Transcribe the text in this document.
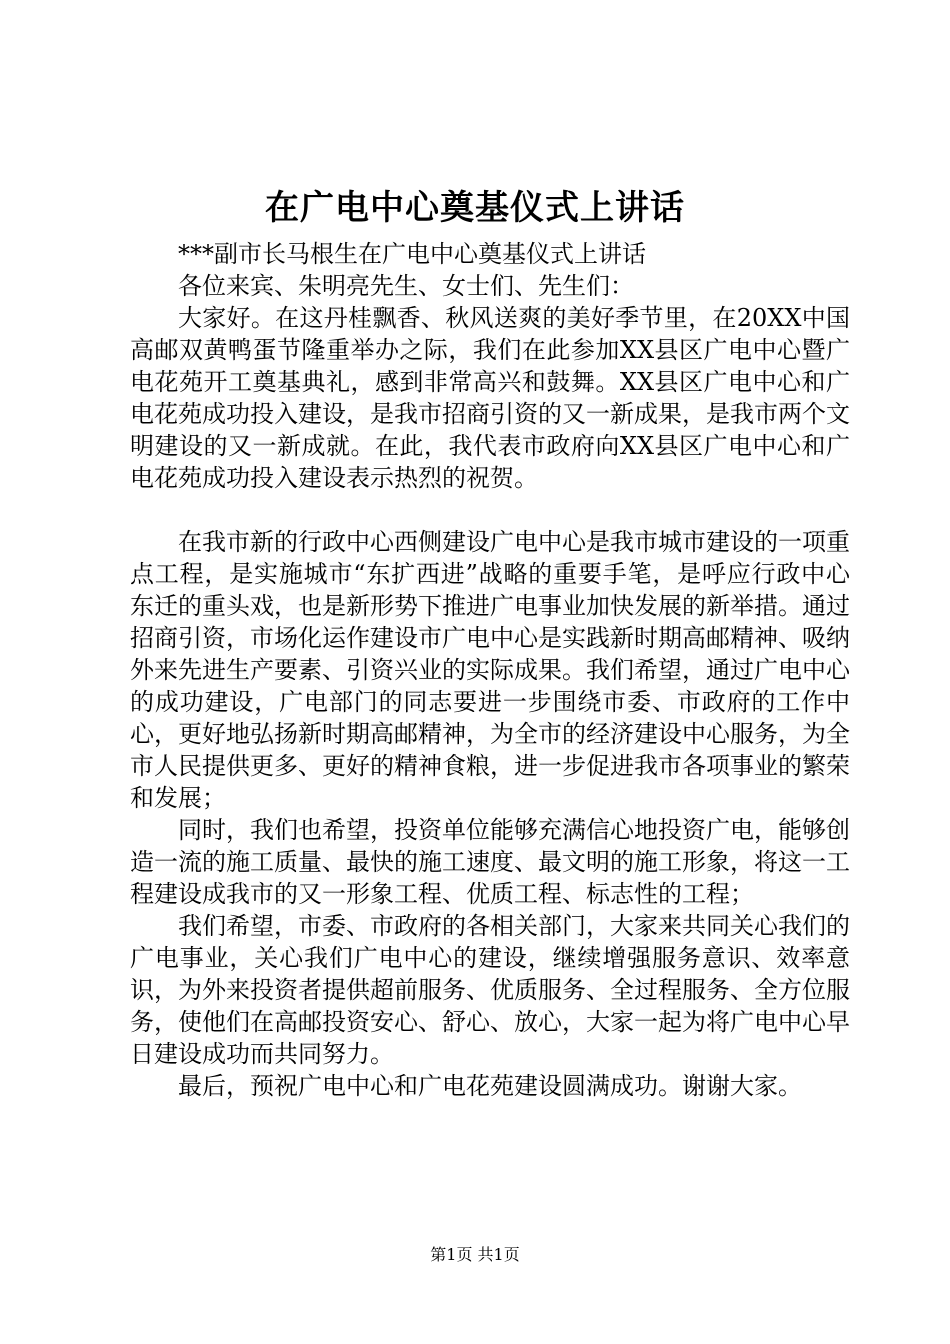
在广电中心奠基仪式上讲话

***副市长马根生在广电中心奠基仪式上讲话

各位来宾、朱明亮先生、女士们、先生们：

大家好。在这丹桂飘香、秋风送爽的美好季节里，在20XX中国高邮双黄鸭蛋节隆重举办之际，我们在此参加XX县区广电中心暨广电花苑开工奠基典礼，感到非常高兴和鼓舞。XX县区广电中心和广电花苑成功投入建设，是我市招商引资的又一新成果，是我市两个文明建设的又一新成就。在此，我代表市政府向XX县区广电中心和广电花苑成功投入建设表示热烈的祝贺。

在我市新的行政中心西侧建设广电中心是我市城市建设的一项重点工程，是实施城市“东扩西进”战略的重要手笔，是呼应行政中心东迁的重头戏，也是新形势下推进广电事业加快发展的新举措。通过招商引资，市场化运作建设市广电中心是实践新时期高邮精神、吸纳外来先进生产要素、引资兴业的实际成果。我们希望，通过广电中心的成功建设，广电部门的同志要进一步围绕市委、市政府的工作中心，更好地弘扬新时期高邮精神，为全市的经济建设中心服务，为全市人民提供更多、更好的精神食粮，进一步促进我市各项事业的繁荣和发展；

同时，我们也希望，投资单位能够充满信心地投资广电，能够创造一流的施工质量、最快的施工速度、最文明的施工形象，将这一工程建设成我市的又一形象工程、优质工程、标志性的工程；

我们希望，市委、市政府的各相关部门，大家来共同关心我们的广电事业，关心我们广电中心的建设，继续增强服务意识、效率意识，为外来投资者提供超前服务、优质服务、全过程服务、全方位服务，使他们在高邮投资安心、舒心、放心，大家一起为将广电中心早日建设成功而共同努力。

最后，预祝广电中心和广电花苑建设圆满成功。谢谢大家。

第1页 共1页
